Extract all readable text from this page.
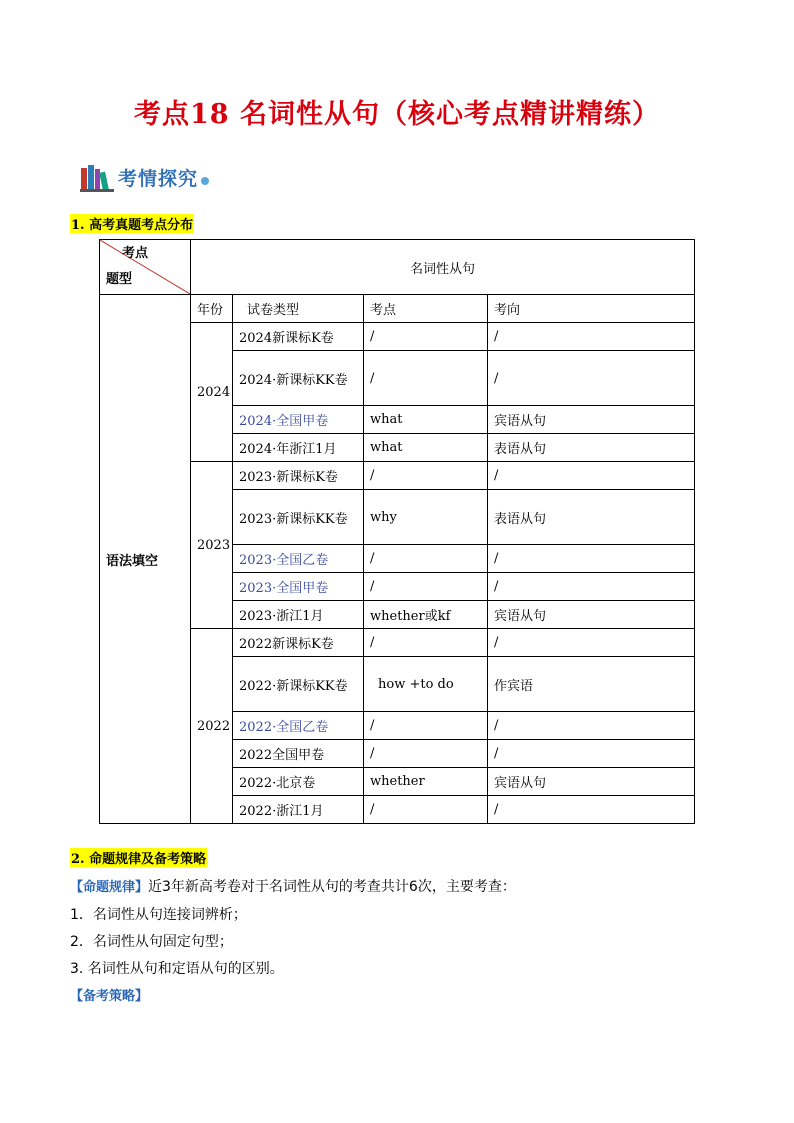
考点18 名词性从句（核心考点精讲精练）
考情探究
1. 高考真题考点分布
考点
题型	名词性从句			
语法填空	年份	试卷类型	考点	考向
	2024	2024新课标K卷	/	/
		2024·新课标KK卷	/	/
		2024·全国甲卷	what	宾语从句
		2024·年浙江1月	what	表语从句
	2023	2023·新课标K卷	/	/
		2023·新课标KK卷	why	表语从句
		2023·全国乙卷	/	/
		2023·全国甲卷	/	/
		2023·浙江1月	whether或kf	宾语从句
	2022	2022新课标K卷	/	/
		2022·新课标KK卷	how +to do	作宾语
		2022·全国乙卷	/	/
		2022全国甲卷	/	/
		2022·北京卷	whether	宾语从句
		2022·浙江1月	/	/
2. 命题规律及备考策略
【命题规律】近3年新高考卷对于名词性从句的考查共计6次，主要考查：
1．名词性从句连接词辨析；
2．名词性从句固定句型；
3. 名词性从句和定语从句的区别。
【备考策略】
